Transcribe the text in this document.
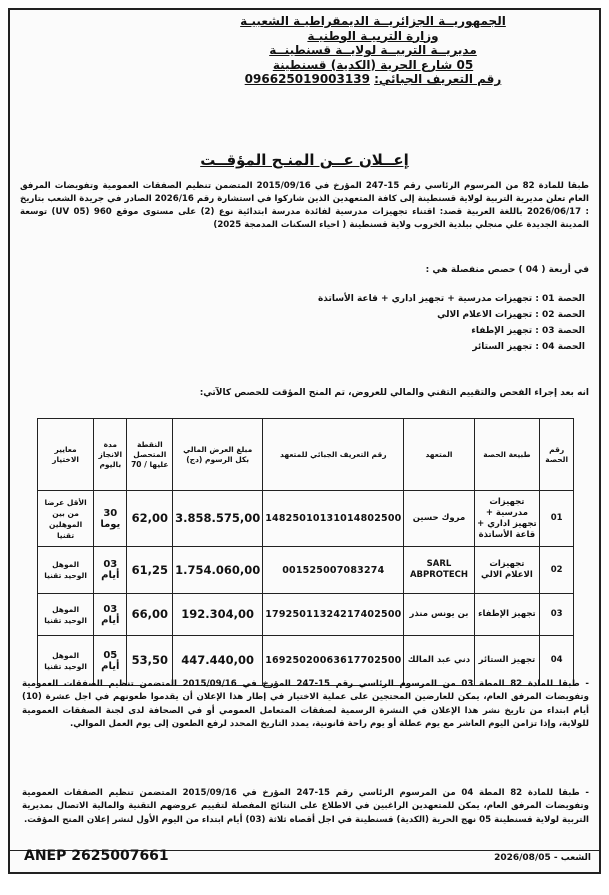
الجمهوريــة الجزائريــة الديمقراطيـة الشعبيـة
وزارة التربيـة الوطنيـة
مديريــة التربيــة لولايــة قسنطينــة
05 شارع الحرية (الكدية) قسنطينة
رقم التعريف الجبائي: 096625019003139
إعــلان عــن المنـح المؤقــت
طبقا للمادة 82 من المرسوم الرئاسي رقم 15-247 المؤرخ في 2015/09/16 المتضمن تنظيم الصفقات العمومية وتفويضات المرفق العام تعلن مديرية التربية لولاية قسنطينة إلى كافة المتعهدين الذين شاركوا في استشارة رقم 2026/16 الصادر في جريدة الشعب بتاريخ : 2026/06/17 باللغة العربية قصد: اقتناء تجهيزات مدرسية لفائدة مدرسة ابتدائية نوع (2) على مستوى موقع 960 (UV 05) توسعة المدينة الجديدة علي منجلي ببلدية الخروب ولاية قسنطينة ( احياء السكنات المدمجة 2025)
في أربعة ( 04 ) حصص منفصلة هي :
الحصة 01 : تجهيزات مدرسية + تجهيز اداري + قاعة الأساتذة
الحصة 02 : تجهيزات الاعلام الالي
الحصة 03 : تجهيز الإطفاء
الحصة 04 : تجهيز الستائر
انه بعد إجراء الفحص والتقييم التقني والمالي للعروض، تم المنح المؤقت للحصص كالآتي:
رقم الحصة	طبيعة الحصة	المتعهد	رقم التعريف الجبائي للمتعهد	مبلغ العرض المالي بكل الرسوم (دج)	النقطة المتحصل عليها / 70	مدة الانجاز باليوم	معايير الاختيار
01	تجهيزات مدرسية + تجهيز اداري + قاعة الأساتذة	مروك حسين	14825010131014802500	3.858.575,00	62,00	30 يوما	الأقل عرضا من بين الموهلين تقنيا
02	تجهيزات الاعلام الالي	SARL ABPROTECH	001525007083274	1.754.060,00	61,25	03 أيام	الموهل الوحيد تقنيا
03	تجهيز الإطفاء	بن يونس منذر	17925011324217402500	192.304,00	66,00	03 أيام	الموهل الوحيد تقنيا
04	تجهيز الستائر	دني عبد المالك	16925020063617702500	447.440,00	53,50	05 أيام	الموهل الوحيد تقنيا
- طبقا للمادة 82 المطة 03 من المرسوم الرئاسي رقم 15-247 المؤرخ في 2015/09/16 المتضمن تنظيم الصفقات العمومية وتفويضات المرفق العام، يمكن للعارضين المحتجين على عملية الاختيار في إطار هذا الإعلان أن يقدموا طعونهم في اجل عشرة (10) أيام ابتداء من تاريخ نشر هذا الإعلان في النشرة الرسمية لصفقات المتعامل العمومي أو في الصحافة لدى لجنة الصفقات العمومية للولاية، وإذا تزامن اليوم العاشر مع يوم عطلة أو يوم راحة قانونية، يمدد التاريخ المحدد لرفع الطعون إلى يوم العمل الموالي.
- طبقا للمادة 82 المطة 04 من المرسوم الرئاسي رقم 15-247 المؤرخ في 2015/09/16 المتضمن تنظيم الصفقات العمومية وتفويضات المرفق العام، يمكن للمتعهدين الراغبين في الاطلاع على النتائج المفصلة لتقييم عروضهم التقنية والمالية الاتصال بمديرية التربية لولاية قسنطينة 05 نهج الحرية (الكدية) قسنطينة في اجل أقصاه ثلاثة (03) أيام ابتداء من اليوم الأول لنشر إعلان المنح المؤقت.
ANEP 2625007661	الشعب - 2026/08/05
